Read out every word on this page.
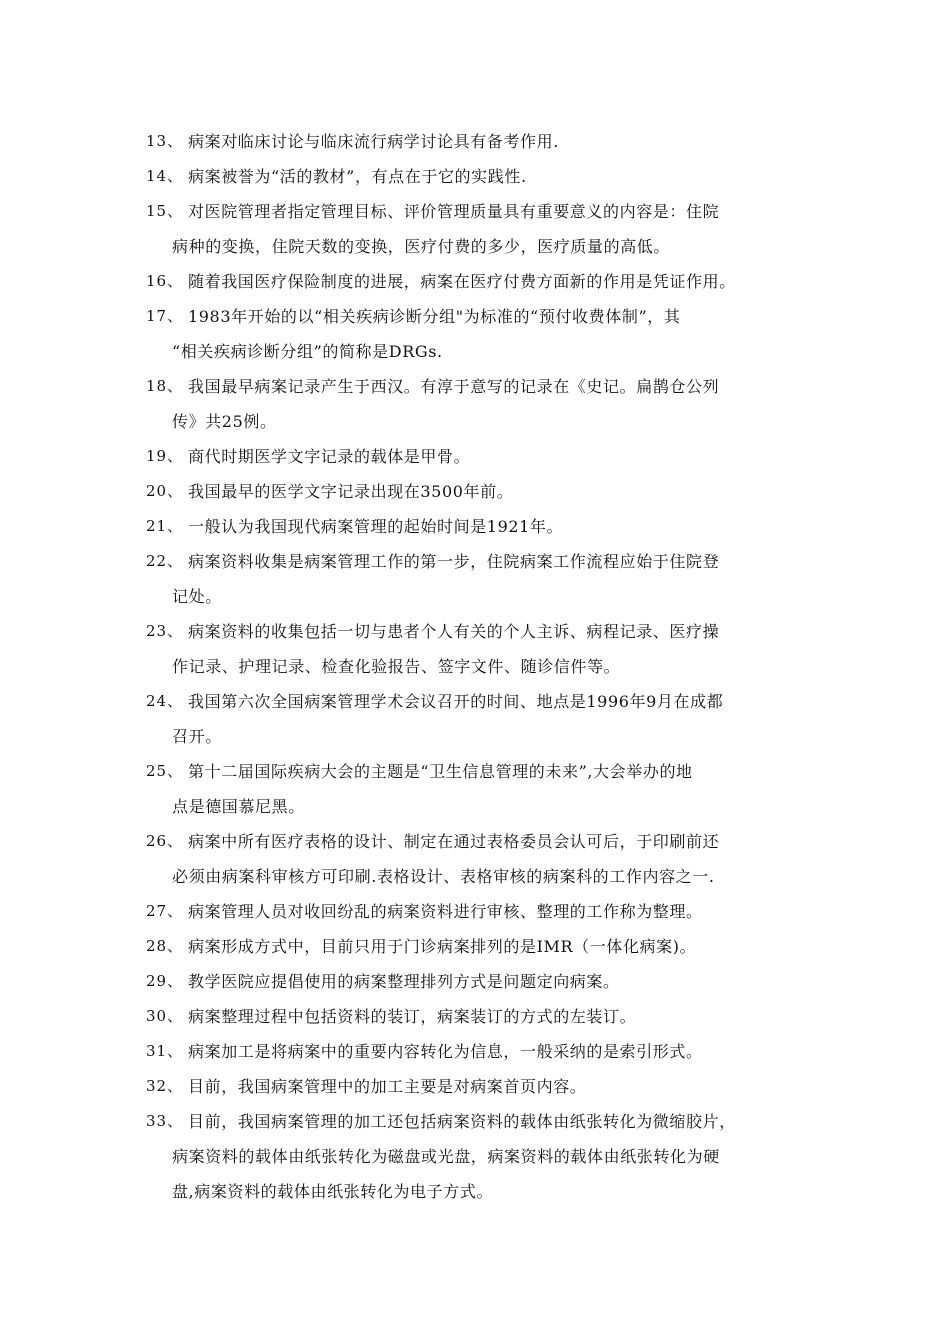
13、 病案对临床讨论与临床流行病学讨论具有备考作用.
14、 病案被誉为“活的教材”，有点在于它的实践性.
15、 对医院管理者指定管理目标、评价管理质量具有重要意义的内容是：住院
病种的变换，住院天数的变换，医疗付费的多少，医疗质量的高低。
16、 随着我国医疗保险制度的进展，病案在医疗付费方面新的作用是凭证作用。
17、 1983年开始的以“相关疾病诊断分组"为标准的“预付收费体制”，其
“相关疾病诊断分组”的简称是DRGs.
18、 我国最早病案记录产生于西汉。有淳于意写的记录在《史记。扁鹊仓公列
传》共25例。
19、 商代时期医学文字记录的载体是甲骨。
20、 我国最早的医学文字记录出现在3500年前。
21、 一般认为我国现代病案管理的起始时间是1921年。
22、 病案资料收集是病案管理工作的第一步，住院病案工作流程应始于住院登
记处。
23、 病案资料的收集包括一切与患者个人有关的个人主诉、病程记录、医疗操
作记录、护理记录、检查化验报告、签字文件、随诊信件等。
24、 我国第六次全国病案管理学术会议召开的时间、地点是1996年9月在成都
召开。
25、 第十二届国际疾病大会的主题是“卫生信息管理的未来”,大会举办的地
点是德国慕尼黑。
26、 病案中所有医疗表格的设计、制定在通过表格委员会认可后，于印刷前还
必须由病案科审核方可印刷.表格设计、表格审核的病案科的工作内容之一.
27、 病案管理人员对收回纷乱的病案资料进行审核、整理的工作称为整理。
28、 病案形成方式中，目前只用于门诊病案排列的是IMR（一体化病案)。
29、 教学医院应提倡使用的病案整理排列方式是问题定向病案。
30、 病案整理过程中包括资料的装订，病案装订的方式的左装订。
31、 病案加工是将病案中的重要内容转化为信息，一般采纳的是索引形式。
32、 目前，我国病案管理中的加工主要是对病案首页内容。
33、 目前，我国病案管理的加工还包括病案资料的载体由纸张转化为微缩胶片，
病案资料的载体由纸张转化为磁盘或光盘，病案资料的载体由纸张转化为硬
盘,病案资料的载体由纸张转化为电子方式。
